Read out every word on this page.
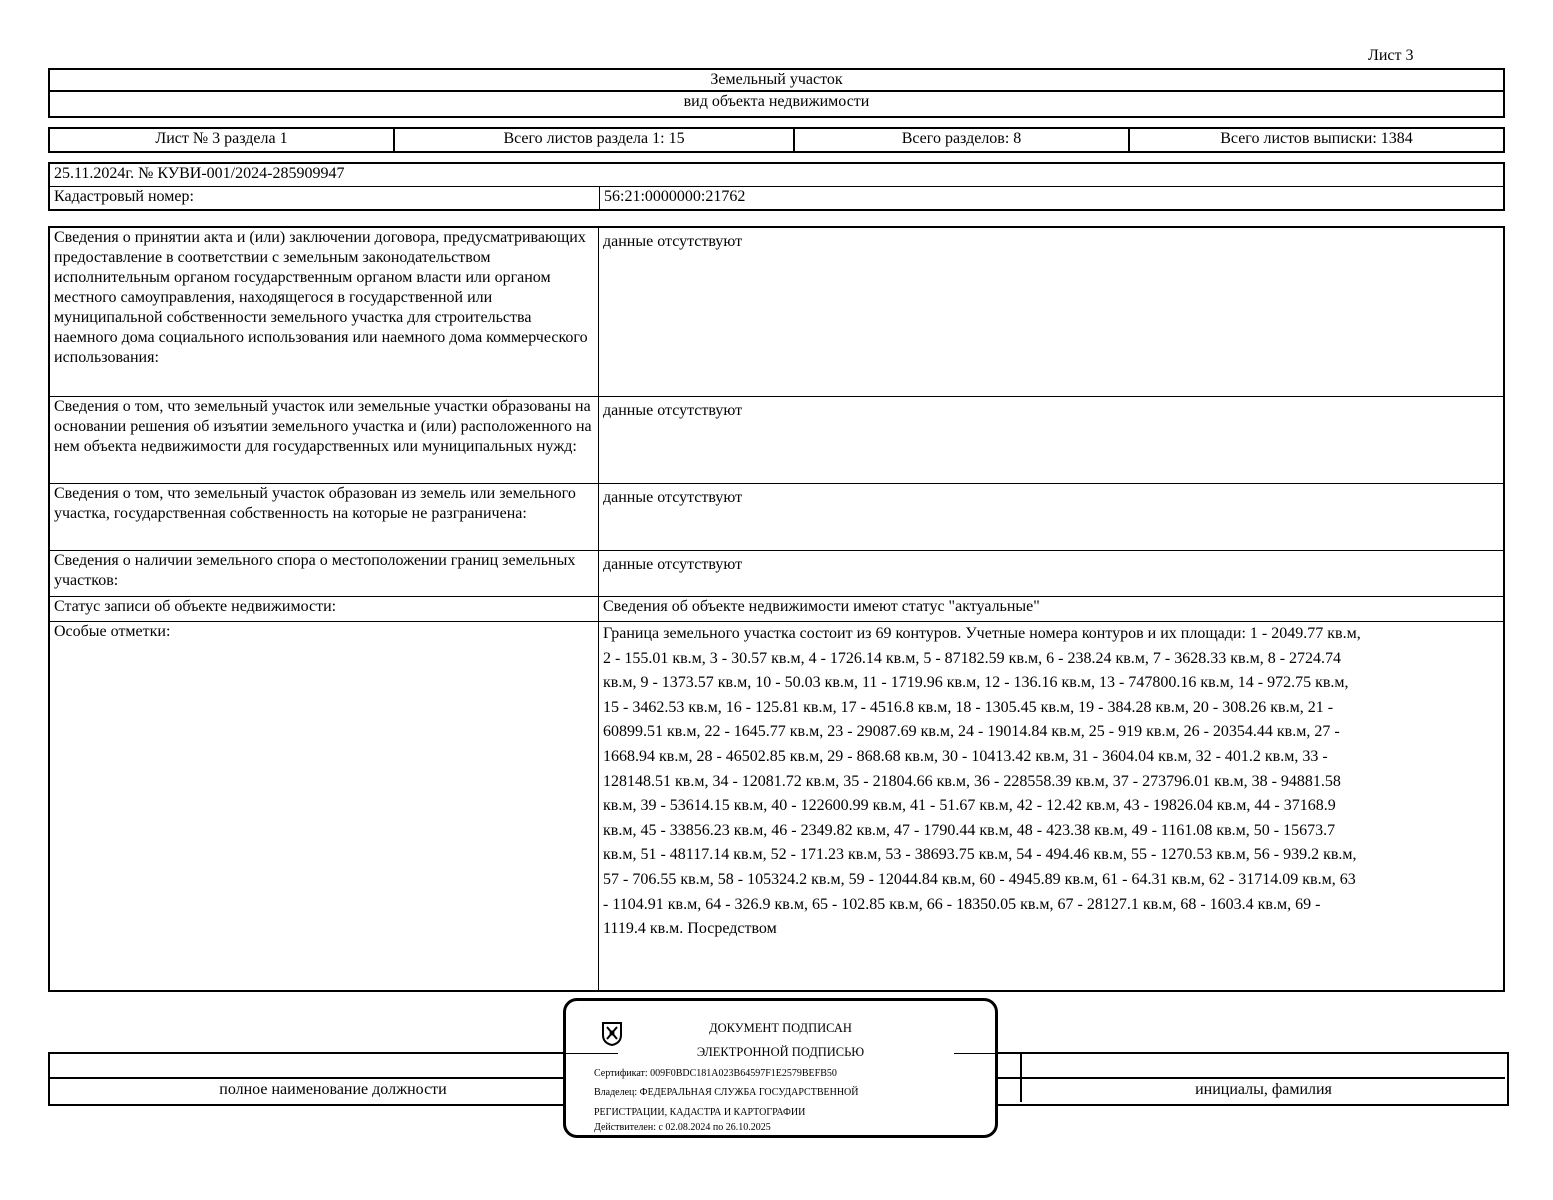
Лист 3
Земельный участок
вид объекта недвижимости
Лист № 3 раздела 1	Всего листов раздела 1: 15	Всего разделов: 8	Всего листов выписки: 1384
25.11.2024г. № КУВИ-001/2024-285909947
Кадастровый номер:	56:21:0000000:21762
Сведения о принятии акта и (или) заключении договора, предусматривающих предоставление в соответствии с земельным законодательством исполнительным органом государственным органом власти или органом местного самоуправления, находящегося в государственной или муниципальной собственности земельного участка для строительства наемного дома социального использования или наемного дома коммерческого использования:	данные отсутствуют
Сведения о том, что земельный участок или земельные участки образованы на основании решения об изъятии земельного участка и (или) расположенного на нем объекта недвижимости для государственных или муниципальных нужд:	данные отсутствуют
Сведения о том, что земельный участок образован из земель или земельного участка, государственная собственность на которые не разграничена:	данные отсутствуют
Сведения о наличии земельного спора о местоположении границ земельных участков:	данные отсутствуют
Статус записи об объекте недвижимости:	Сведения об объекте недвижимости имеют статус "актуальные"
Особые отметки:	Граница земельного участка состоит из 69 контуров. Учетные номера контуров и их площади: 1 - 2049.77 кв.м, 2 - 155.01 кв.м, 3 - 30.57 кв.м, 4 - 1726.14 кв.м, 5 - 87182.59 кв.м, 6 - 238.24 кв.м, 7 - 3628.33 кв.м, 8 - 2724.74 кв.м, 9 - 1373.57 кв.м, 10 - 50.03 кв.м, 11 - 1719.96 кв.м, 12 - 136.16 кв.м, 13 - 747800.16 кв.м, 14 - 972.75 кв.м, 15 - 3462.53 кв.м, 16 - 125.81 кв.м, 17 - 4516.8 кв.м, 18 - 1305.45 кв.м, 19 - 384.28 кв.м, 20 - 308.26 кв.м, 21 - 60899.51 кв.м, 22 - 1645.77 кв.м, 23 - 29087.69 кв.м, 24 - 19014.84 кв.м, 25 - 919 кв.м, 26 - 20354.44 кв.м, 27 - 1668.94 кв.м, 28 - 46502.85 кв.м, 29 - 868.68 кв.м, 30 - 10413.42 кв.м, 31 - 3604.04 кв.м, 32 - 401.2 кв.м, 33 - 128148.51 кв.м, 34 - 12081.72 кв.м, 35 - 21804.66 кв.м, 36 - 228558.39 кв.м, 37 - 273796.01 кв.м, 38 - 94881.58 кв.м, 39 - 53614.15 кв.м, 40 - 122600.99 кв.м, 41 - 51.67 кв.м, 42 - 12.42 кв.м, 43 - 19826.04 кв.м, 44 - 37168.9 кв.м, 45 - 33856.23 кв.м, 46 - 2349.82 кв.м, 47 - 1790.44 кв.м, 48 - 423.38 кв.м, 49 - 1161.08 кв.м, 50 - 15673.7 кв.м, 51 - 48117.14 кв.м, 52 - 171.23 кв.м, 53 - 38693.75 кв.м, 54 - 494.46 кв.м, 55 - 1270.53 кв.м, 56 - 939.2 кв.м, 57 - 706.55 кв.м, 58 - 105324.2 кв.м, 59 - 12044.84 кв.м, 60 - 4945.89 кв.м, 61 - 64.31 кв.м, 62 - 31714.09 кв.м, 63 - 1104.91 кв.м, 64 - 326.9 кв.м, 65 - 102.85 кв.м, 66 - 18350.05 кв.м, 67 - 28127.1 кв.м, 68 - 1603.4 кв.м, 69 - 1119.4 кв.м. Посредством
полное наименование должности	инициалы, фамилия
ДОКУМЕНТ ПОДПИСАН
ЭЛЕКТРОННОЙ ПОДПИСЬЮ
Сертификат: 009F0BDC181A023B64597F1E2579BEFB50
Владелец: ФЕДЕРАЛЬНАЯ СЛУЖБА ГОСУДАРСТВЕННОЙ
РЕГИСТРАЦИИ, КАДАСТРА И КАРТОГРАФИИ
Действителен: с 02.08.2024 по 26.10.2025
